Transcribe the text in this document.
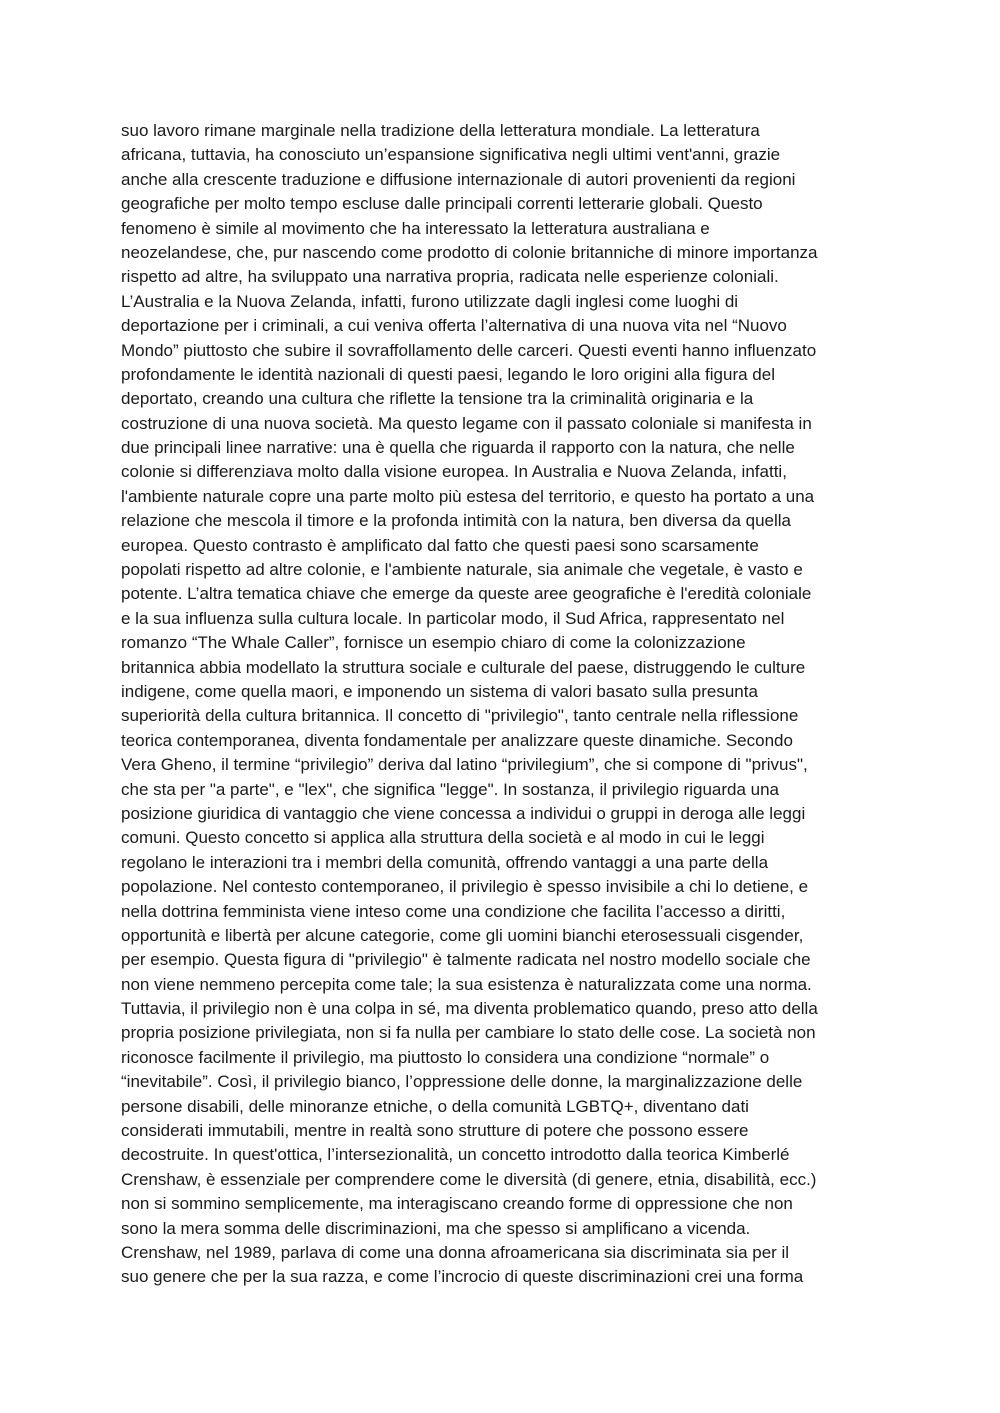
suo lavoro rimane marginale nella tradizione della letteratura mondiale. La letteratura
africana, tuttavia, ha conosciuto un’espansione significativa negli ultimi vent'anni, grazie
anche alla crescente traduzione e diffusione internazionale di autori provenienti da regioni
geografiche per molto tempo escluse dalle principali correnti letterarie globali. Questo
fenomeno è simile al movimento che ha interessato la letteratura australiana e
neozelandese, che, pur nascendo come prodotto di colonie britanniche di minore importanza
rispetto ad altre, ha sviluppato una narrativa propria, radicata nelle esperienze coloniali.
L’Australia e la Nuova Zelanda, infatti, furono utilizzate dagli inglesi come luoghi di
deportazione per i criminali, a cui veniva offerta l’alternativa di una nuova vita nel “Nuovo
Mondo” piuttosto che subire il sovraffollamento delle carceri. Questi eventi hanno influenzato
profondamente le identità nazionali di questi paesi, legando le loro origini alla figura del
deportato, creando una cultura che riflette la tensione tra la criminalità originaria e la
costruzione di una nuova società. Ma questo legame con il passato coloniale si manifesta in
due principali linee narrative: una è quella che riguarda il rapporto con la natura, che nelle
colonie si differenziava molto dalla visione europea. In Australia e Nuova Zelanda, infatti,
l'ambiente naturale copre una parte molto più estesa del territorio, e questo ha portato a una
relazione che mescola il timore e la profonda intimità con la natura, ben diversa da quella
europea. Questo contrasto è amplificato dal fatto che questi paesi sono scarsamente
popolati rispetto ad altre colonie, e l'ambiente naturale, sia animale che vegetale, è vasto e
potente. L’altra tematica chiave che emerge da queste aree geografiche è l'eredità coloniale
e la sua influenza sulla cultura locale. In particolar modo, il Sud Africa, rappresentato nel
romanzo “The Whale Caller”, fornisce un esempio chiaro di come la colonizzazione
britannica abbia modellato la struttura sociale e culturale del paese, distruggendo le culture
indigene, come quella maori, e imponendo un sistema di valori basato sulla presunta
superiorità della cultura britannica. Il concetto di "privilegio", tanto centrale nella riflessione
teorica contemporanea, diventa fondamentale per analizzare queste dinamiche. Secondo
Vera Gheno, il termine “privilegio” deriva dal latino “privilegium”, che si compone di "privus",
che sta per "a parte", e "lex", che significa "legge". In sostanza, il privilegio riguarda una
posizione giuridica di vantaggio che viene concessa a individui o gruppi in deroga alle leggi
comuni. Questo concetto si applica alla struttura della società e al modo in cui le leggi
regolano le interazioni tra i membri della comunità, offrendo vantaggi a una parte della
popolazione. Nel contesto contemporaneo, il privilegio è spesso invisibile a chi lo detiene, e
nella dottrina femminista viene inteso come una condizione che facilita l’accesso a diritti,
opportunità e libertà per alcune categorie, come gli uomini bianchi eterosessuali cisgender,
per esempio. Questa figura di "privilegio" è talmente radicata nel nostro modello sociale che
non viene nemmeno percepita come tale; la sua esistenza è naturalizzata come una norma.
Tuttavia, il privilegio non è una colpa in sé, ma diventa problematico quando, preso atto della
propria posizione privilegiata, non si fa nulla per cambiare lo stato delle cose. La società non
riconosce facilmente il privilegio, ma piuttosto lo considera una condizione “normale” o
“inevitabile”. Così, il privilegio bianco, l’oppressione delle donne, la marginalizzazione delle
persone disabili, delle minoranze etniche, o della comunità LGBTQ+, diventano dati
considerati immutabili, mentre in realtà sono strutture di potere che possono essere
decostruite. In quest'ottica, l’intersezionalità, un concetto introdotto dalla teorica Kimberlé
Crenshaw, è essenziale per comprendere come le diversità (di genere, etnia, disabilità, ecc.)
non si sommino semplicemente, ma interagiscano creando forme di oppressione che non
sono la mera somma delle discriminazioni, ma che spesso si amplificano a vicenda.
Crenshaw, nel 1989, parlava di come una donna afroamericana sia discriminata sia per il
suo genere che per la sua razza, e come l’incrocio di queste discriminazioni crei una forma
